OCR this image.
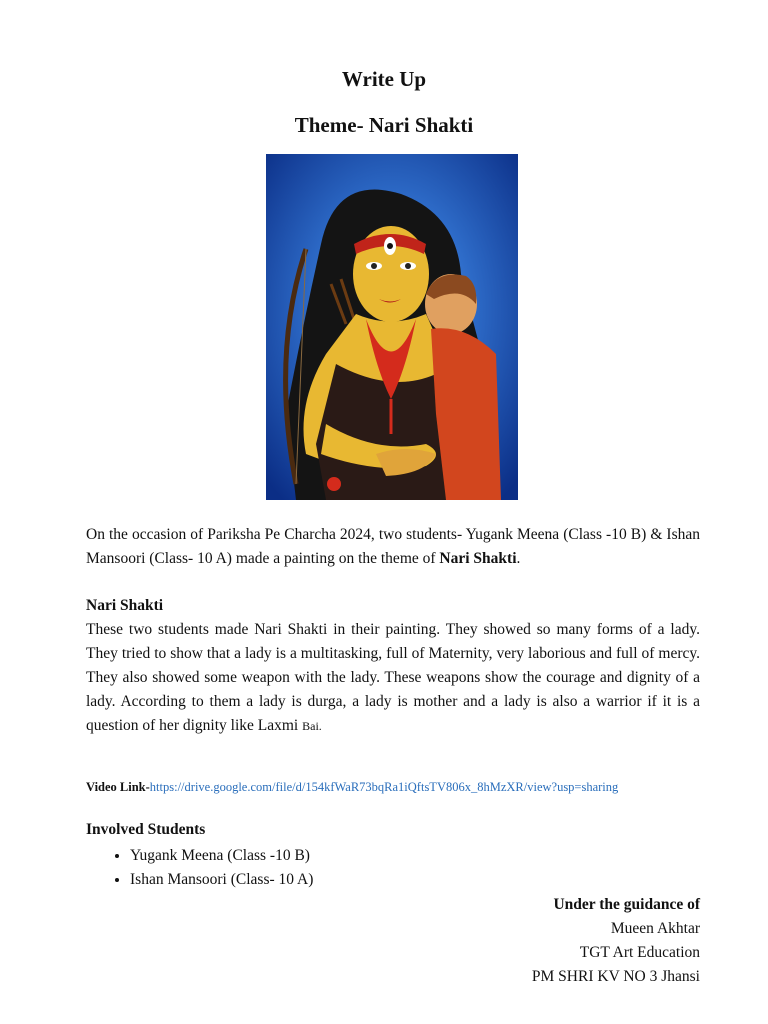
Write Up
Theme- Nari Shakti

On the occasion of Pariksha Pe Charcha 2024, two students- Yugank Meena (Class -10 B) & Ishan Mansoori (Class- 10 A) made a painting on the theme of Nari Shakti.

Nari Shakti

These two students made Nari Shakti in their painting. They showed so many forms of a lady. They tried to show that a lady is a multitasking, full of Maternity, very laborious and full of mercy. They also showed some weapon with the lady. These weapons show the courage and dignity of a lady. According to them a lady is durga, a lady is mother and a lady is also a warrior if it is a question of her dignity like Laxmi Bai.

Video Link-https://drive.google.com/file/d/154kfWaR73bqRa1iQftsTV806x_8hMzXR/view?usp=sharing

Involved Students

• Yugank Meena (Class -10 B)
• Ishan Mansoori (Class- 10 A)
Under the guidance of
Mueen Akhtar
TGT Art Education
PM SHRI KV NO 3 Jhansi
